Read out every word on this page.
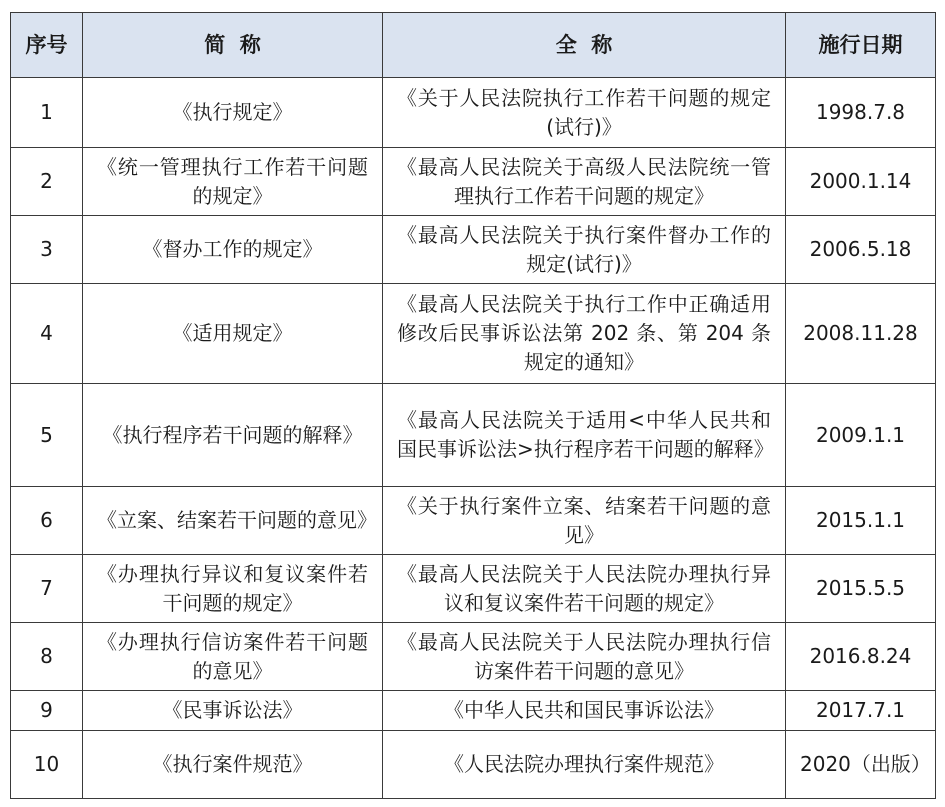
序号	简  称	全  称	施行日期
1	《执行规定》	《关于人民法院执行工作若干问题的规定(试行)》	1998.7.8
2	《统一管理执行工作若干问题的规定》	《最高人民法院关于高级人民法院统一管理执行工作若干问题的规定》	2000.1.14
3	《督办工作的规定》	《最高人民法院关于执行案件督办工作的规定(试行)》	2006.5.18
4	《适用规定》	《最高人民法院关于执行工作中正确适用修改后民事诉讼法第 202 条、第 204 条规定的通知》	2008.11.28
5	《执行程序若干问题的解释》	《最高人民法院关于适用<中华人民共和国民事诉讼法>执行程序若干问题的解释》	2009.1.1
6	《立案、结案若干问题的意见》	《关于执行案件立案、结案若干问题的意见》	2015.1.1
7	《办理执行异议和复议案件若干问题的规定》	《最高人民法院关于人民法院办理执行异议和复议案件若干问题的规定》	2015.5.5
8	《办理执行信访案件若干问题的意见》	《最高人民法院关于人民法院办理执行信访案件若干问题的意见》	2016.8.24
9	《民事诉讼法》	《中华人民共和国民事诉讼法》	2017.7.1
10	《执行案件规范》	《人民法院办理执行案件规范》	2020（出版）
